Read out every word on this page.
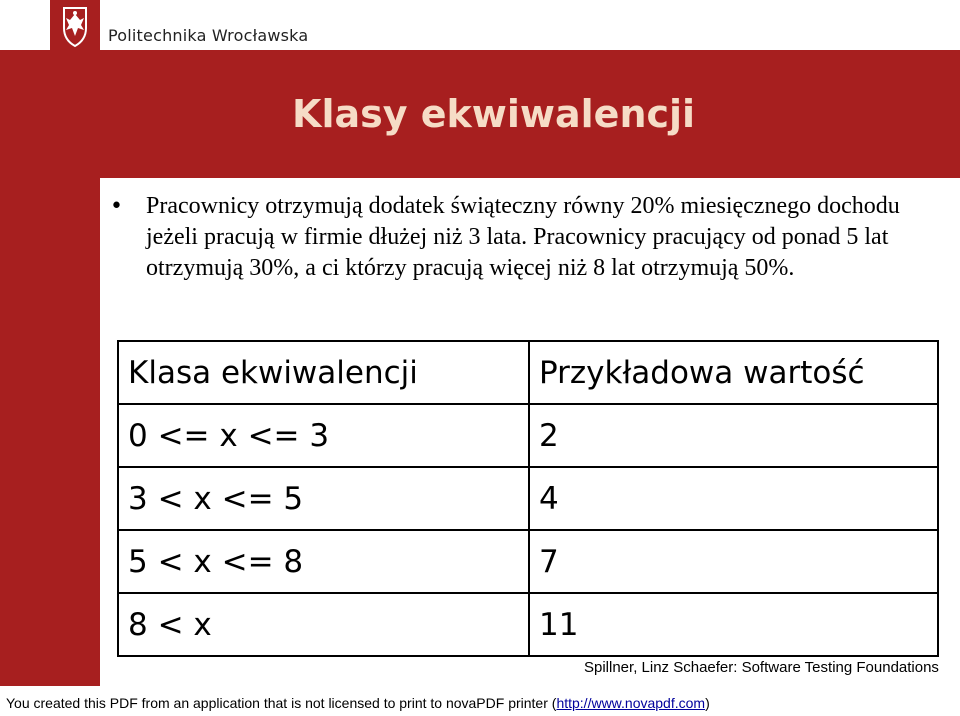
Politechnika Wrocławska
Klasy ekwiwalencji
• Pracownicy otrzymują dodatek świąteczny równy 20% miesięcznego dochodu jeżeli pracują w firmie dłużej niż 3 lata. Pracownicy pracujący od ponad 5 lat otrzymują 30%, a ci którzy pracują więcej niż 8 lat otrzymują 50%.
Klasa ekwiwalencji	Przykładowa wartość
0 <= x <= 3	2
3 < x <= 5	4
5 < x <= 8	7
8 < x	11
Spillner, Linz Schaefer: Software Testing Foundations
You created this PDF from an application that is not licensed to print to novaPDF printer (http://www.novapdf.com)
